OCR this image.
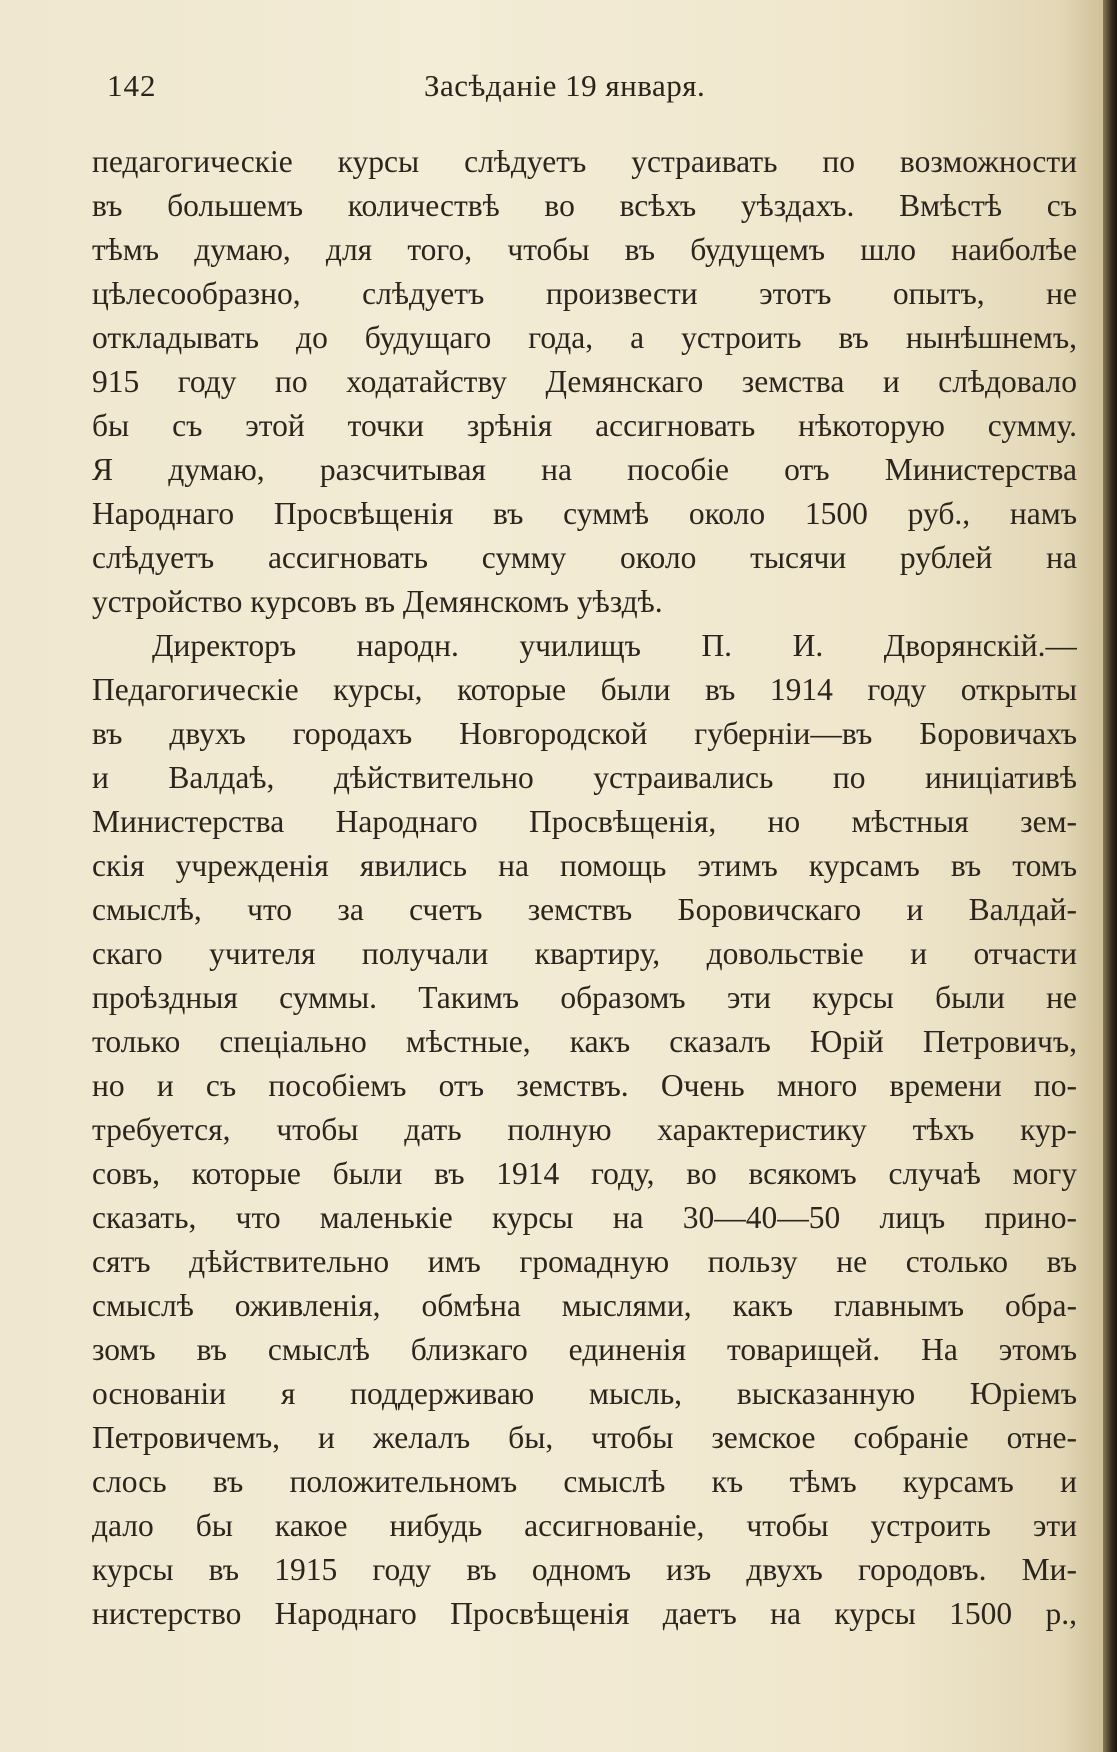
142	Засѣданіе 19 января.
педагогическіе курсы слѣдуетъ устраивать по возможности
въ большемъ количествѣ во всѣхъ уѣздахъ. Вмѣстѣ съ
тѣмъ думаю, для того, чтобы въ будущемъ шло наиболѣе
цѣлесообразно, слѣдуетъ произвести этотъ опытъ, не
откладывать до будущаго года, а устроить въ нынѣшнемъ,
915 году по ходатайству Демянскаго земства и слѣдовало
бы съ этой точки зрѣнія ассигновать нѣкоторую сумму.
Я думаю, разсчитывая на пособіе отъ Министерства
Народнаго Просвѣщенія въ суммѣ около 1500 руб., намъ
слѣдуетъ ассигновать сумму около тысячи рублей на
устройство курсовъ въ Демянскомъ уѣздѣ.
Директоръ народн. училищъ П. И. Дворянскій.—
Педагогическіе курсы, которые были въ 1914 году открыты
въ двухъ городахъ Новгородской губерніи—въ Боровичахъ
и Валдаѣ, дѣйствительно устраивались по иниціативѣ
Министерства Народнаго Просвѣщенія, но мѣстныя зем-
скія учрежденія явились на помощь этимъ курсамъ въ томъ
смыслѣ, что за счетъ земствъ Боровичскаго и Валдай-
скаго учителя получали квартиру, довольствіе и отчасти
проѣздныя суммы. Такимъ образомъ эти курсы были не
только спеціально мѣстные, какъ сказалъ Юрій Петровичъ,
но и съ пособіемъ отъ земствъ. Очень много времени по-
требуется, чтобы дать полную характеристику тѣхъ кур-
совъ, которые были въ 1914 году, во всякомъ случаѣ могу
сказать, что маленькіе курсы на 30—40—50 лицъ прино-
сятъ дѣйствительно имъ громадную пользу не столько въ
смыслѣ оживленія, обмѣна мыслями, какъ главнымъ обра-
зомъ въ смыслѣ близкаго единенія товарищей. На этомъ
основаніи я поддерживаю мысль, высказанную Юріемъ
Петровичемъ, и желалъ бы, чтобы земское собраніе отне-
слось въ положительномъ смыслѣ къ тѣмъ курсамъ и
дало бы какое нибудь ассигнованіе, чтобы устроить эти
курсы въ 1915 году въ одномъ изъ двухъ городовъ. Ми-
нистерство Народнаго Просвѣщенія даетъ на курсы 1500 р.,
